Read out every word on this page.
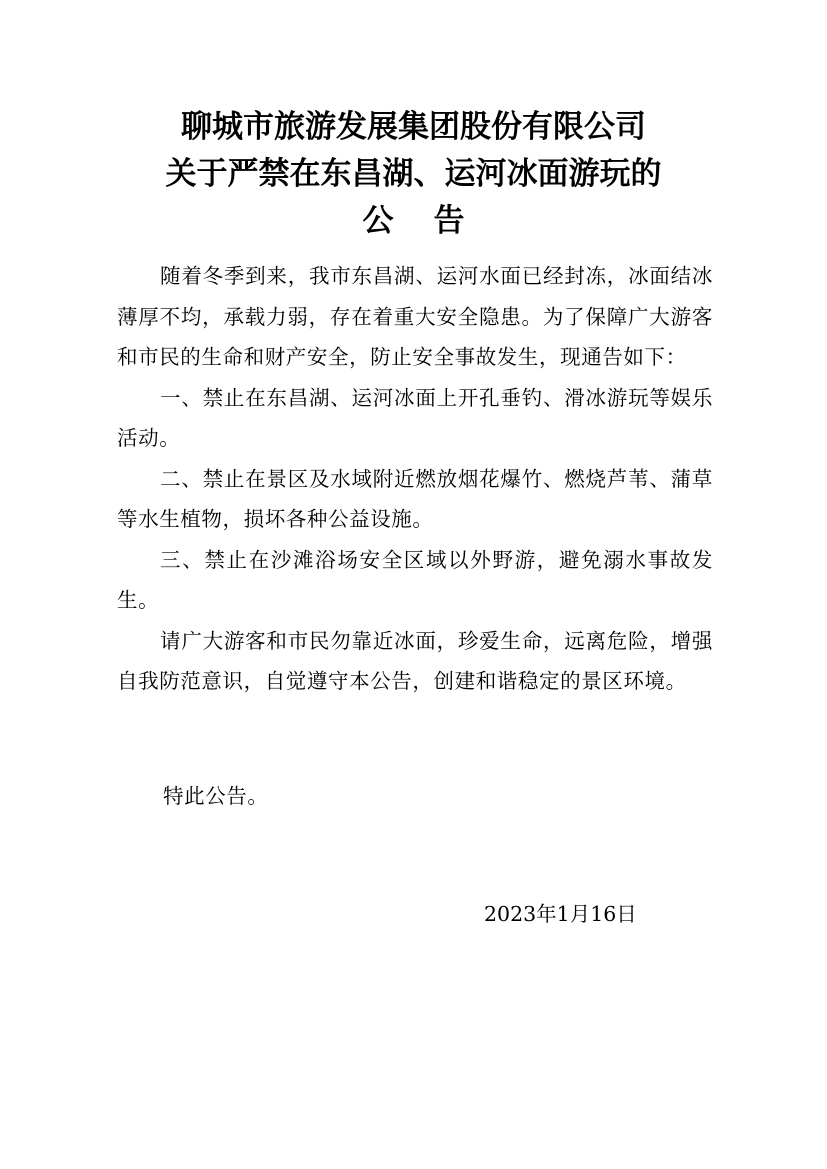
聊城市旅游发展集团股份有限公司
关于严禁在东昌湖、运河冰面游玩的
公告

随着冬季到来，我市东昌湖、运河水面已经封冻，冰面结冰薄厚不均，承载力弱，存在着重大安全隐患。为了保障广大游客和市民的生命和财产安全，防止安全事故发生，现通告如下：

一、禁止在东昌湖、运河冰面上开孔垂钓、滑冰游玩等娱乐活动。

二、禁止在景区及水域附近燃放烟花爆竹、燃烧芦苇、蒲草等水生植物，损坏各种公益设施。

三、禁止在沙滩浴场安全区域以外野游，避免溺水事故发生。

请广大游客和市民勿靠近冰面，珍爱生命，远离危险，增强自我防范意识，自觉遵守本公告，创建和谐稳定的景区环境。

特此公告。
2023年1月16日
